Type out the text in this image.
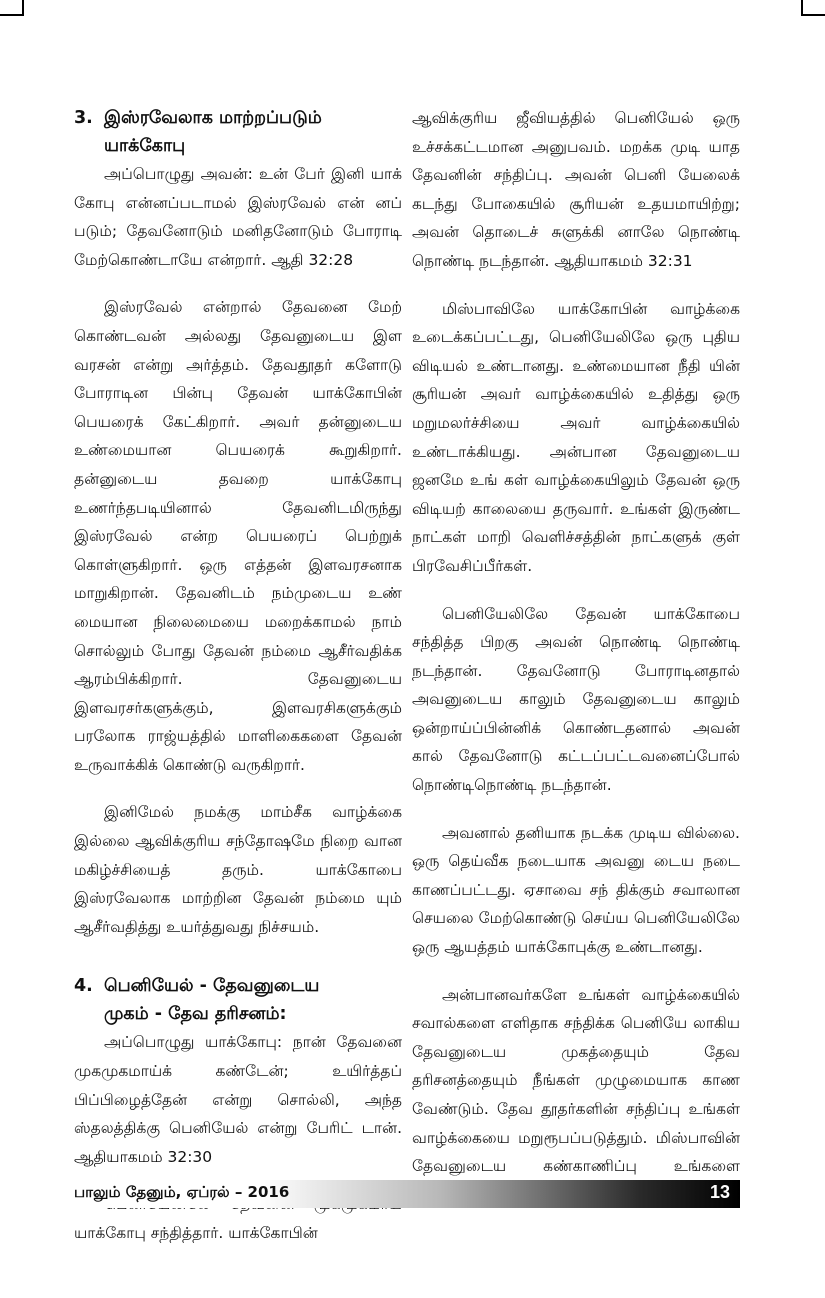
3. இஸ்ரவேலாக மாற்றப்படும்
யாக்கோபு

அப்பொழுது அவன்: உன் பேர் இனி யாக் கோபு என்னப்படாமல் இஸ்ரவேல் என் னப் படும்; தேவனோடும் மனிதனோடும் போராடி மேற்கொண்டாயே என்றார். ஆதி 32:28

இஸ்ரவேல் என்றால் தேவனை மேற் கொண்டவன் அல்லது தேவனுடைய இள வரசன் என்று அர்த்தம். தேவதூதர் களோடு போராடின பின்பு தேவன் யாக்கோபின் பெயரைக் கேட்கிறார். அவர் தன்னுடைய உண்மையான பெயரைக் கூறுகிறார். தன்னுடைய தவறை யாக்கோபு உணர்ந்தபடியினால் தேவனிடமிருந்து இஸ்ரவேல் என்ற பெயரைப் பெற்றுக் கொள்ளுகிறார். ஒரு எத்தன் இளவரசனாக மாறுகிறான். தேவனிடம் நம்முடைய உண் மையான நிலைமையை மறைக்காமல் நாம் சொல்லும் போது தேவன் நம்மை ஆசீர்வதிக்க ஆரம்பிக்கிறார். தேவனுடைய இளவரசர்களுக்கும், இளவரசிகளுக்கும் பரலோக ராஜ்யத்தில் மாளிகைகளை தேவன் உருவாக்கிக் கொண்டு வருகிறார்.

இனிமேல் நமக்கு மாம்சீக வாழ்க்கை இல்லை ஆவிக்குரிய சந்தோஷமே நிறை வான மகிழ்ச்சியைத் தரும். யாக்கோபை இஸ்ரவேலாக மாற்றின தேவன் நம்மை யும் ஆசீர்வதித்து உயர்த்துவது நிச்சயம்.

4. பெனியேல் - தேவனுடைய
முகம் - தேவ தரிசனம்:

அப்பொழுது யாக்கோபு: நான் தேவனை முகமுகமாய்க் கண்டேன்; உயிர்த்தப் பிப்பிழைத்தேன் என்று சொல்லி, அந்த ஸ்தலத்திக்கு பெனியேல் என்று பேரிட் டான். ஆதியாகமம் 32:30

யாக்கோபு சந்தித்தார். யாக்கோபின்

ஆவிக்குரிய ஜீவியத்தில் பெனியேல் ஒரு உச்சக்கட்டமான அனுபவம். மறக்க முடி யாத தேவனின் சந்திப்பு. அவன் பெனி யேலைக் கடந்து போகையில் சூரியன் உதயமாயிற்று; அவன் தொடைச் சுளுக்கி னாலே நொண்டி நொண்டி நடந்தான். ஆதியாகமம் 32:31

மிஸ்பாவிலே யாக்கோபின் வாழ்க்கை உடைக்கப்பட்டது, பெனியேலிலே ஒரு புதிய விடியல் உண்டானது. உண்மையான நீதி யின் சூரியன் அவர் வாழ்க்கையில் உதித்து ஒரு மறுமலர்ச்சியை அவர் வாழ்க்கையில் உண்டாக்கியது. அன்பான தேவனுடைய ஜனமே உங் கள் வாழ்க்கையிலும் தேவன் ஒரு விடியற் காலையை தருவார். உங்கள் இருண்ட நாட்கள் மாறி வெளிச்சத்தின் நாட்களுக் குள் பிரவேசிப்பீர்கள்.

பெனியேலிலே தேவன் யாக்கோபை சந்தித்த பிறகு அவன் நொண்டி நொண்டி நடந்தான். தேவனோடு போராடினதால் அவனுடைய காலும் தேவனுடைய காலும் ஒன்றாய்ப்பின்னிக் கொண்டதனால் அவன் கால் தேவனோடு கட்டப்பட்டவனைப்போல் நொண்டிநொண்டி நடந்தான்.

அவனால் தனியாக நடக்க முடிய வில்லை. ஒரு தெய்வீக நடையாக அவனு டைய நடை காணப்பட்டது. ஏசாவை சந் திக்கும் சவாலான செயலை மேற்கொண்டு செய்ய பெனியேலிலே ஒரு ஆயத்தம் யாக்கோபுக்கு உண்டானது.

அன்பானவர்களே உங்கள் வாழ்க்கையில் சவால்களை எளிதாக சந்திக்க பெனியே லாகிய தேவனுடைய முகத்தையும் தேவ தரிசனத்தையும் நீங்கள் முழுமையாக காண வேண்டும். தேவ தூதர்களின் சந்திப்பு உங்கள் வாழ்க்கையை மறுரூபப்படுத்தும். மிஸ்பாவின் தேவனுடைய கண்காணிப்பு உங்களை

பாலும் தேனும், ஏப்ரல் – 2016	13
